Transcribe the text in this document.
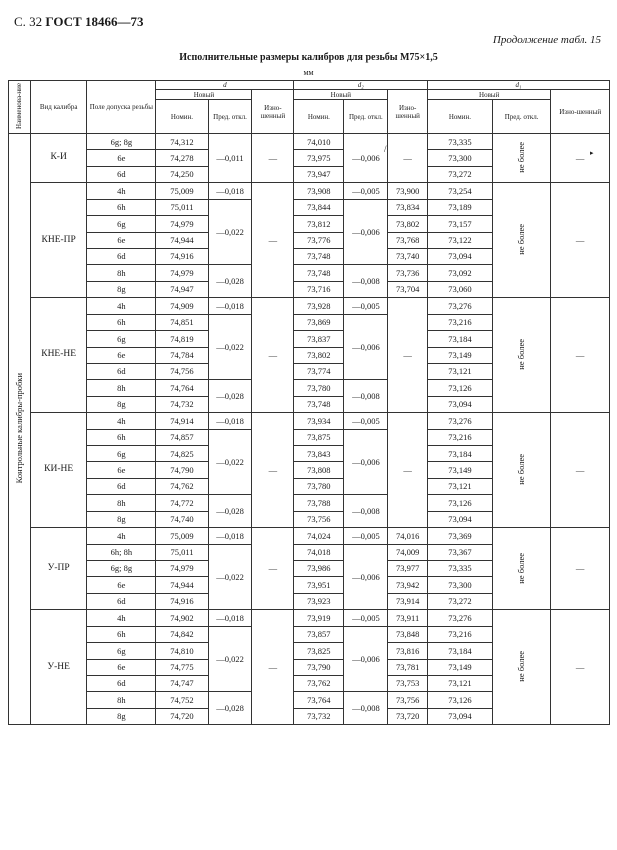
С. 32 ГОСТ 18466—73
Продолжение табл. 15
Исполнительные размеры калибров для резьбы М75×1,5
мм
Наименова-ние	Вид калибра	Поле допуска резьбы	d			d₂			d₁		
			Новый		Изно-шенный	Новый		Изно-шенный	Новый		Изно-шенный
			Номин.	Пред. откл.		Номин.	Пред. откл.		Номин.	Пред. откл.	
Контрольные калибры-пробки	К-И	6g; 8g	74,312	—0,011	—	74,010	—0,006	—	73,335	не более	—
		6e	74,278			73,975			73,300		
		6d	74,250			73,947			73,272		
	КНЕ-ПР	4h	75,009	—0,018	—	73,908	—0,005	73,900	73,254	не более	—
		6h	75,011	—0,022		73,844	—0,006	73,834	73,189		
		6g	74,979			73,812		73,802	73,157		
		6e	74,944			73,776		73,768	73,122		
		6d	74,916			73,748		73,740	73,094		
		8h	74,979	—0,028		73,748	—0,008	73,736	73,092		
		8g	74,947			73,716		73,704	73,060		
	КНЕ-НЕ	4h	74,909	—0,018	—	73,928	—0,005	—	73,276	не более	—
		6h	74,851	—0,022		73,869	—0,006		73,216		
		6g	74,819			73,837			73,184		
		6e	74,784			73,802			73,149		
		6d	74,756			73,774			73,121		
		8h	74,764	—0,028		73,780	—0,008		73,126		
		8g	74,732			73,748			73,094		
	КИ-НЕ	4h	74,914	—0,018	—	73,934	—0,005	—	73,276	не более	—
		6h	74,857	—0,022		73,875	—0,006		73,216		
		6g	74,825			73,843			73,184		
		6e	74,790			73,808			73,149		
		6d	74,762			73,780			73,121		
		8h	74,772	—0,028		73,788	—0,008		73,126		
		8g	74,740			73,756			73,094		
	У-ПР	4h	75,009	—0,018	—	74,024	—0,005	74,016	73,369	не более	—
		6h; 8h	75,011	—0,022		74,018	—0,006	74,009	73,367		
		6g; 8g	74,979			73,986		73,977	73,335		
		6e	74,944			73,951		73,942	73,300		
		6d	74,916			73,923		73,914	73,272		
	У-НЕ	4h	74,902	—0,018	—	73,919	—0,005	73,911	73,276	не более	—
		6h	74,842	—0,022		73,857	—0,006	73,848	73,216		
		6g	74,810			73,825		73,816	73,184		
		6e	74,775			73,790		73,781	73,149		
		6d	74,747			73,762		73,753	73,121		
		8h	74,752	—0,028		73,764	—0,008	73,756	73,126		
		8g	74,720			73,732		73,720	73,094		
/	▸
